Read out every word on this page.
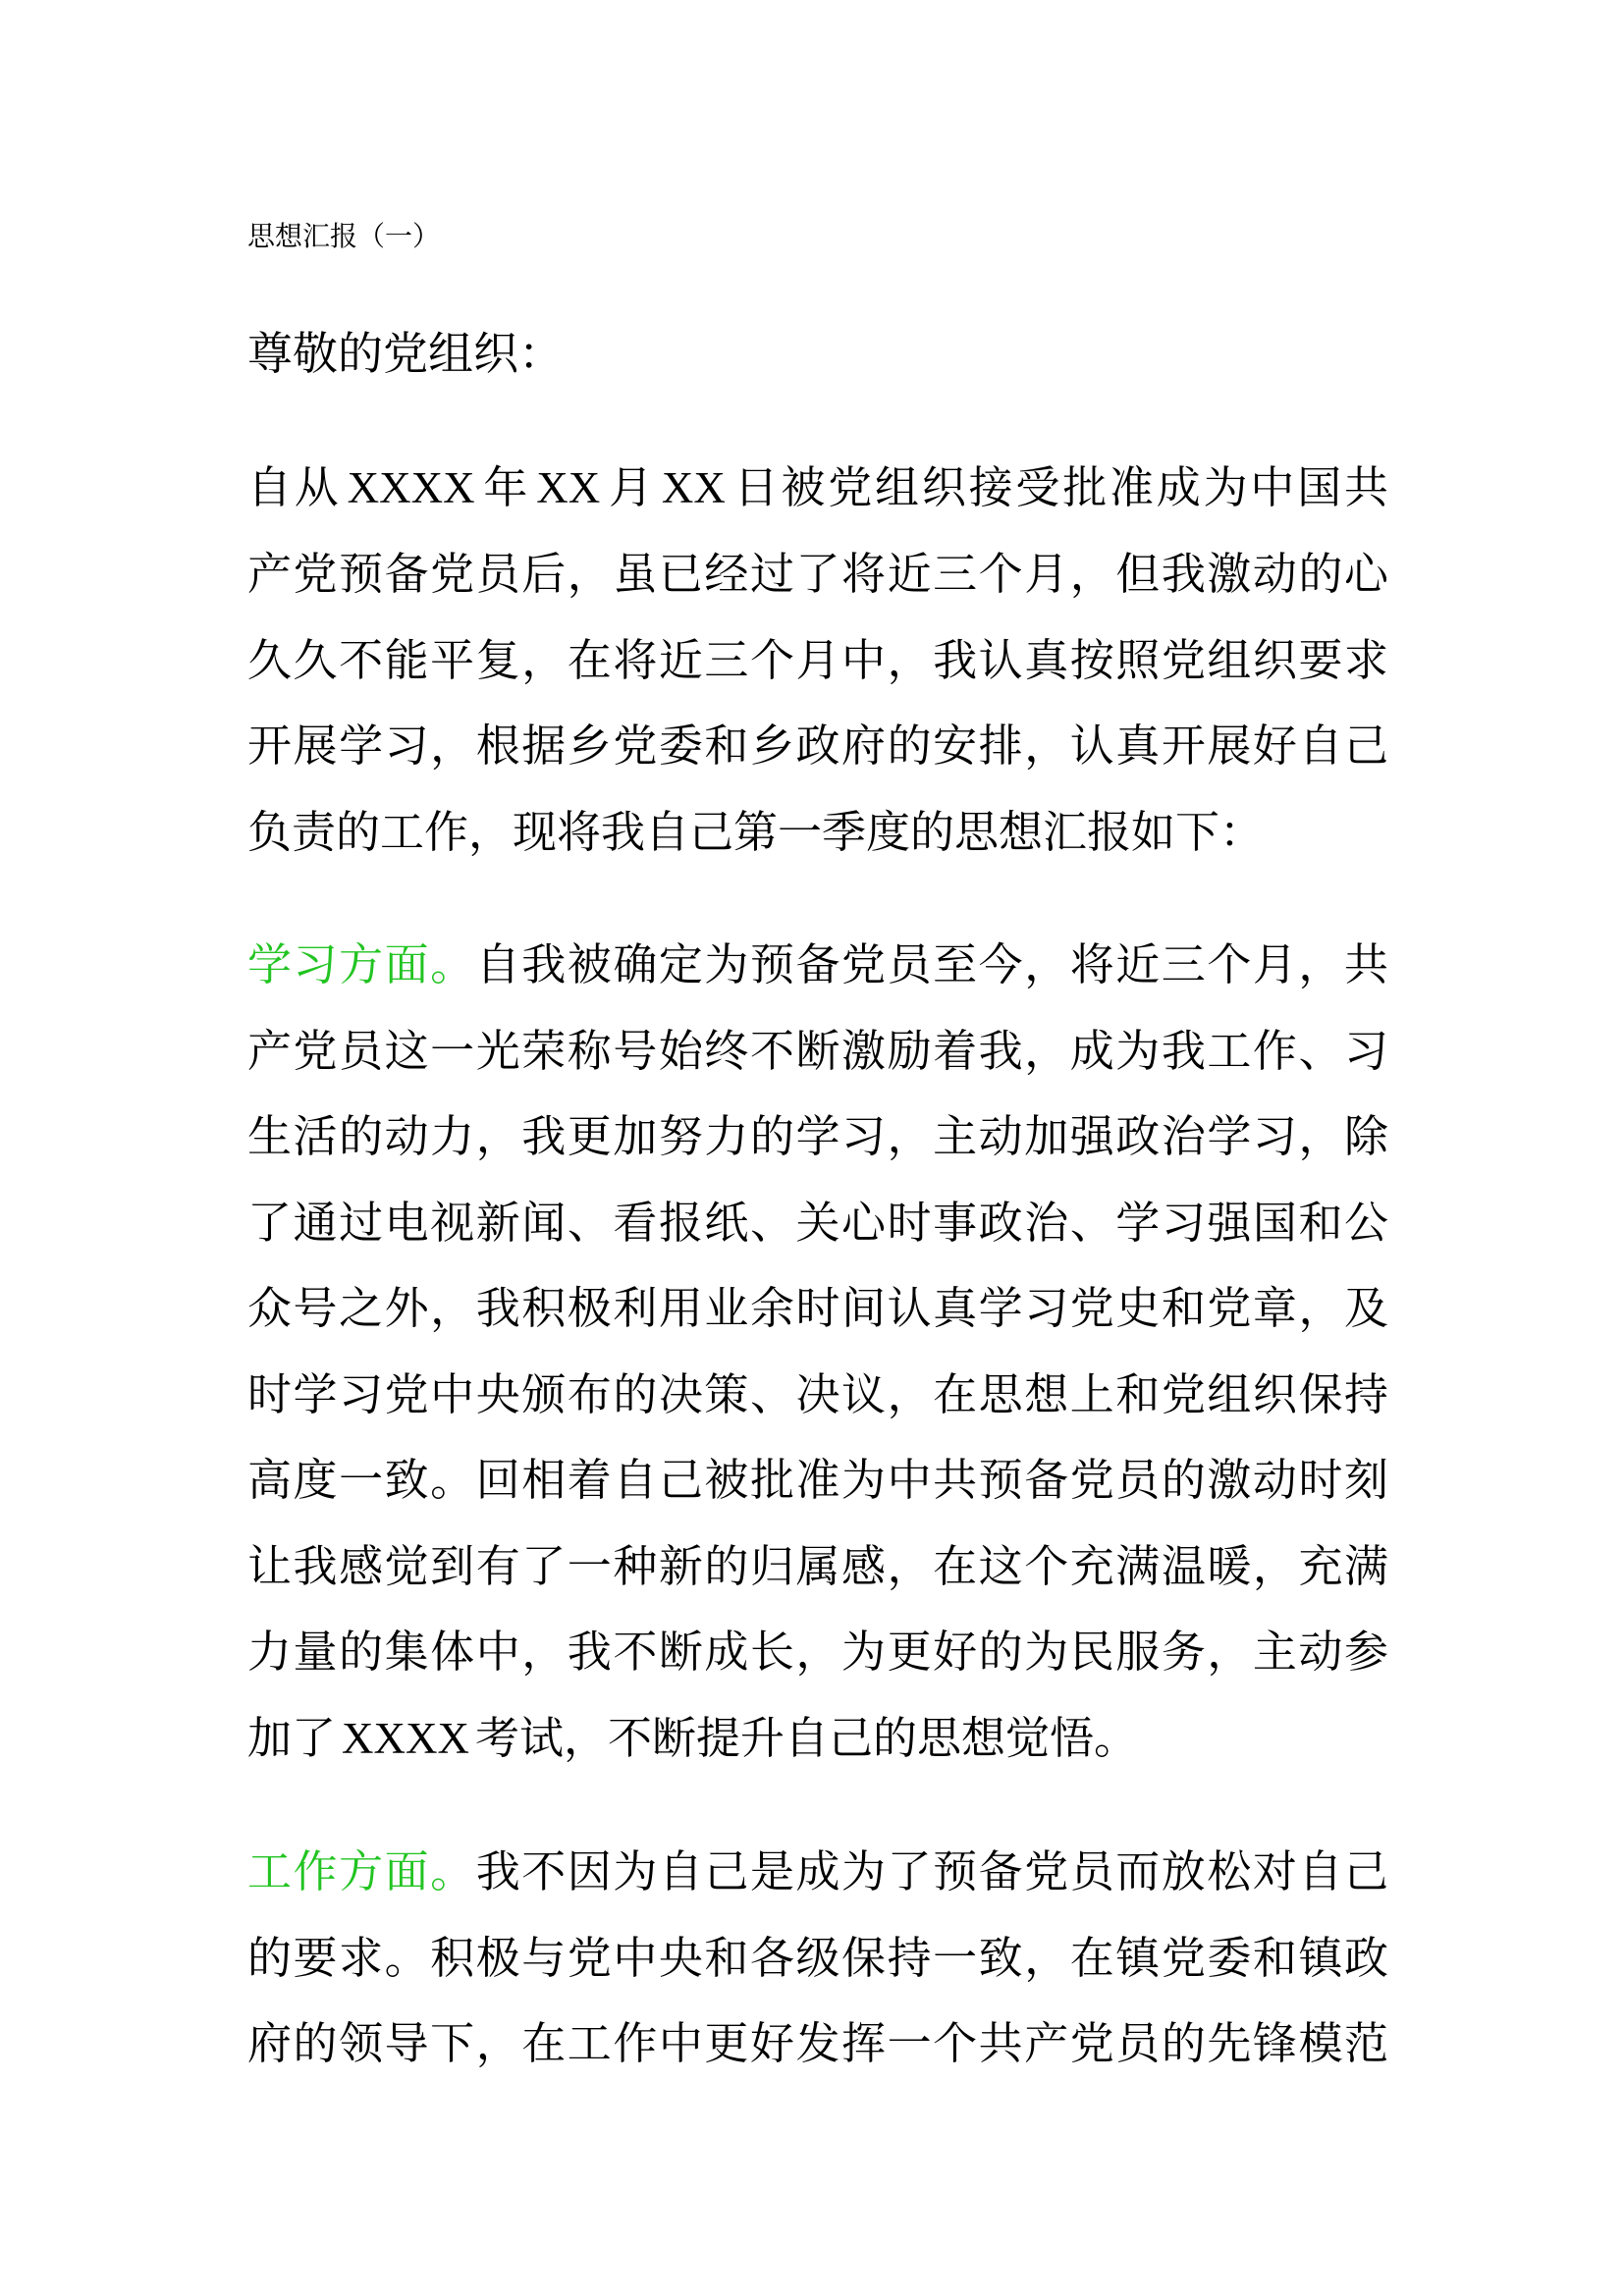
思想汇报（一）
尊敬的党组织：
自从 XXXX 年 XX 月 XX 日被党组织接受批准成为中国共
产党预备党员后，虽已经过了将近三个月，但我激动的心
久久不能平复，在将近三个月中，我认真按照党组织要求
开展学习，根据乡党委和乡政府的安排，认真开展好自己
负责的工作，现将我自己第一季度的思想汇报如下：
学习方面。自我被确定为预备党员至今，将近三个月，共
产党员这一光荣称号始终不断激励着我，成为我工作、习
生活的动力，我更加努力的学习，主动加强政治学习，除
了通过电视新闻、看报纸、关心时事政治、学习强国和公
众号之外，我积极利用业余时间认真学习党史和党章，及
时学习党中央颁布的决策、决议，在思想上和党组织保持
高度一致。回相着自己被批准为中共预备党员的激动时刻
让我感觉到有了一种新的归属感，在这个充满温暖，充满
力量的集体中，我不断成长，为更好的为民服务，主动参
加了 XXXX 考试，不断提升自己的思想觉悟。
工作方面。我不因为自己是成为了预备党员而放松对自己
的要求。积极与党中央和各级保持一致，在镇党委和镇政
府的领导下，在工作中更好发挥一个共产党员的先锋模范
